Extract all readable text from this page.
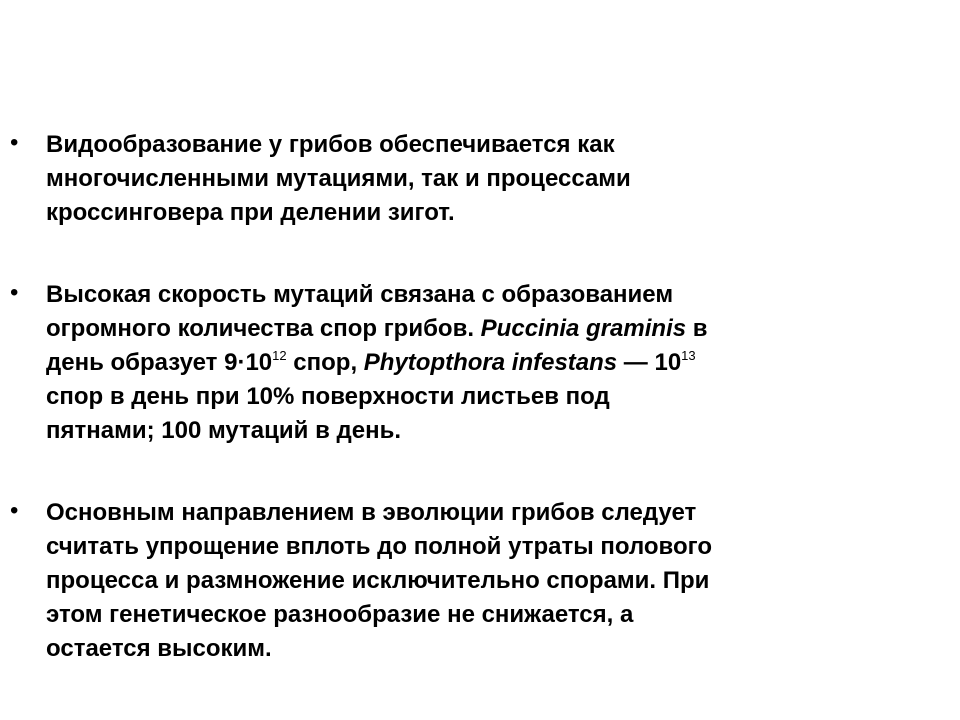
• Видообразование у грибов обеспечивается как
многочисленными мутациями, так и процессами
кроссинговера при делении зигот.
• Высокая скорость мутаций связана с образованием
огромного количества спор грибов. Puccinia graminis в
день образует $9\cdot 10^{12}$ спор, Phytopthora infestans — $10^{13}$
спор в день при 10% поверхности листьев под
пятнами; 100 мутаций в день.
• Основным направлением в эволюции грибов следует
считать упрощение вплоть до полной утраты полового
процесса и размножение исключительно спорами. При
этом генетическое разнообразие не снижается, а
остается высоким.
